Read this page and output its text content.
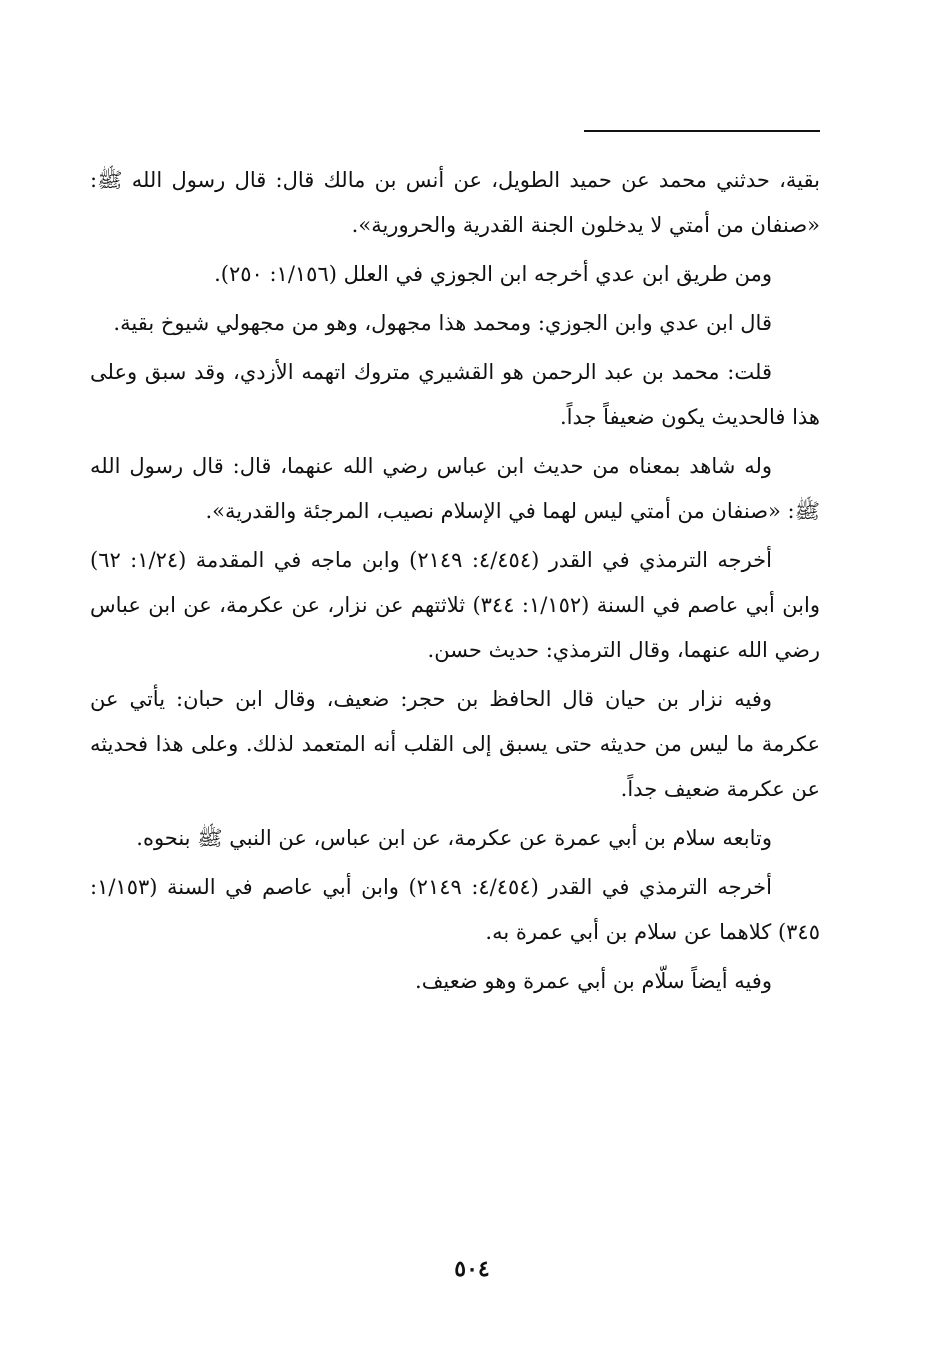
بقية، حدثني محمد عن حميد الطويل، عن أنس بن مالك قال: قال رسول الله ﷺ: «صنفان من أمتي لا يدخلون الجنة القدرية والحرورية».

ومن طريق ابن عدي أخرجه ابن الجوزي في العلل (١/١٥٦: ٢٥٠).

قال ابن عدي وابن الجوزي: ومحمد هذا مجهول، وهو من مجهولي شيوخ بقية.

قلت: محمد بن عبد الرحمن هو القشيري متروك اتهمه الأزدي، وقد سبق وعلى هذا فالحديث يكون ضعيفاً جداً.

وله شاهد بمعناه من حديث ابن عباس رضي الله عنهما، قال: قال رسول الله ﷺ: «صنفان من أمتي ليس لهما في الإسلام نصيب، المرجئة والقدرية».

أخرجه الترمذي في القدر (٤/٤٥٤: ٢١٤٩) وابن ماجه في المقدمة (١/٢٤: ٦٢) وابن أبي عاصم في السنة (١/١٥٢: ٣٤٤) ثلاثتهم عن نزار، عن عكرمة، عن ابن عباس رضي الله عنهما، وقال الترمذي: حديث حسن.

وفيه نزار بن حيان قال الحافظ بن حجر: ضعيف، وقال ابن حبان: يأتي عن عكرمة ما ليس من حديثه حتى يسبق إلى القلب أنه المتعمد لذلك. وعلى هذا فحديثه عن عكرمة ضعيف جداً.

وتابعه سلام بن أبي عمرة عن عكرمة، عن ابن عباس، عن النبي ﷺ بنحوه.

أخرجه الترمذي في القدر (٤/٤٥٤: ٢١٤٩) وابن أبي عاصم في السنة (١/١٥٣: ٣٤٥) كلاهما عن سلام بن أبي عمرة به.

وفيه أيضاً سلّام بن أبي عمرة وهو ضعيف.

٥٠٤
